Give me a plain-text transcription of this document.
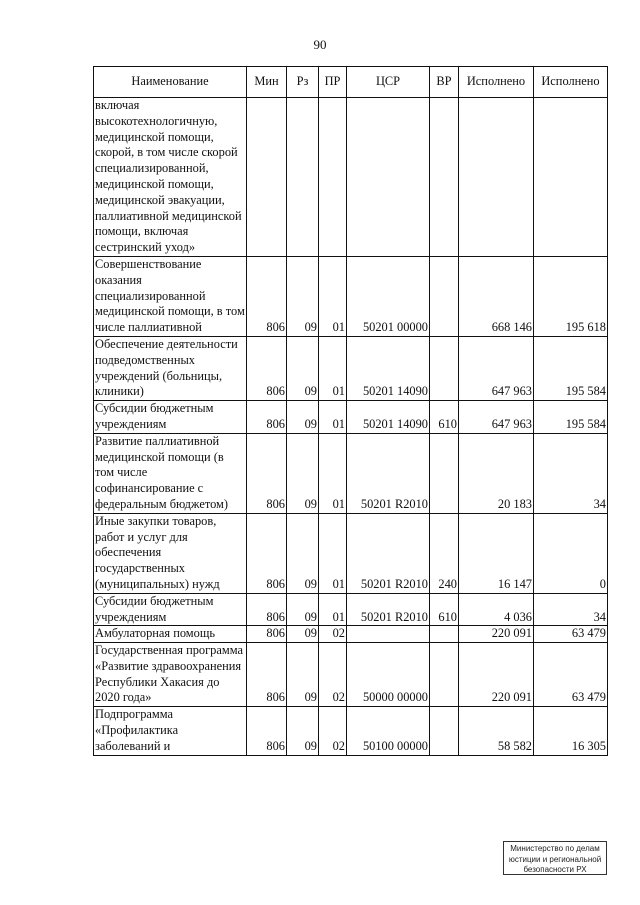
90
Наименование	Мин	Рз	ПР	ЦСР	ВР	Исполнено	Исполнено
включая высокотехнологичную, медицинской помощи, скорой, в том числе скорой специализированной, медицинской помощи, медицинской эвакуации, паллиативной медицинской помощи, включая сестринский уход»							
Совершенствование оказания специализированной медицинской помощи, в том числе паллиативной	806	09	01	50201 00000		668 146	195 618
Обеспечение деятельности подведомственных учреждений (больницы, клиники)	806	09	01	50201 14090		647 963	195 584
Субсидии бюджетным учреждениям	806	09	01	50201 14090	610	647 963	195 584
Развитие паллиативной медицинской помощи (в том числе софинансирование с федеральным бюджетом)	806	09	01	50201 R2010		20 183	34
Иные закупки товаров, работ и услуг для обеспечения государственных (муниципальных) нужд	806	09	01	50201 R2010	240	16 147	0
Субсидии бюджетным учреждениям	806	09	01	50201 R2010	610	4 036	34
Амбулаторная помощь	806	09	02			220 091	63 479
Государственная программа «Развитие здравоохранения Республики Хакасия до 2020 года»	806	09	02	50000 00000		220 091	63 479
Подпрограмма «Профилактика заболеваний и	806	09	02	50100 00000		58 582	16 305
Министерство по делам
юстиции и региональной
безопасности РХ
